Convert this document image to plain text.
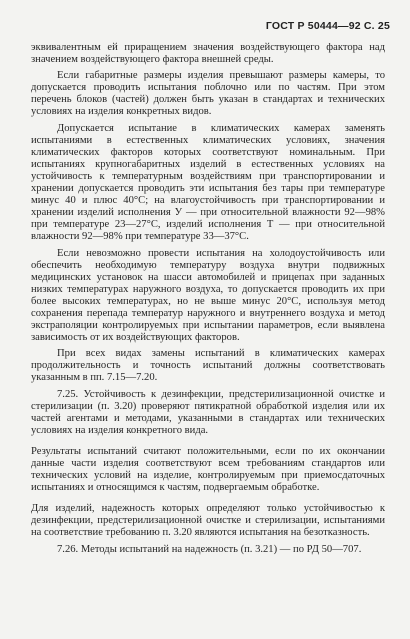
ГОСТ Р 50444—92 С. 25

эквивалентным ей приращением значения воздействующего фактора над значением воздействующего фактора внешней среды.

Если габаритные размеры изделия превышают размеры камеры, то допускается проводить испытания поблочно или по частям. При этом перечень блоков (частей) должен быть указан в стандартах и технических условиях на изделия конкретных видов.

Допускается испытание в климатических камерах заменять испытаниями в естественных климатических условиях, значения климатических факторов которых соответствуют номинальным. При испытаниях крупногабаритных изделий в естественных условиях на устойчивость к температурным воздействиям при транспортировании и хранении допускается проводить эти испытания без тары при температуре минус 40 и плюс 40°С; на влагоустойчивость при транспортировании и хранении изделий исполнения У — при относительной влажности 92—98% при температуре 23—27°С, изделий исполнения Т — при относительной влажности 92—98% при температуре 33—37°С.

Если невозможно провести испытания на холодоустойчивость или обеспечить необходимую температуру воздуха внутри подвижных медицинских установок на шасси автомобилей и прицепах при заданных низких температурах наружного воздуха, то допускается проводить их при более высоких температурах, но не выше минус 20°С, используя метод сохранения перепада температур наружного и внутреннего воздуха и метод экстраполяции контролируемых при испытании параметров, если выявлена зависимость от их воздействующих факторов.

При всех видах замены испытаний в климатических камерах продолжительность и точность испытаний должны соответствовать указанным в пп. 7.15—7.20.

7.25. Устойчивость к дезинфекции, предстерилизационной очистке и стерилизации (п. 3.20) проверяют пятикратной обработкой изделия или их частей агентами и методами, указанными в стандартах или технических условиях на изделия конкретного вида.

Результаты испытаний считают положительными, если по их окончании данные части изделия соответствуют всем требованиям стандартов или технических условий на изделие, контролируемым при приемосдаточных испытаниях и относящимся к частям, подвергаемым обработке.

Для изделий, надежность которых определяют только устойчивостью к дезинфекции, предстерилизационной очистке и стерилизации, испытаниями на соответствие требованию п. 3.20 являются испытания на безотказность.

7.26. Методы испытаний на надежность (п. 3.21) — по РД 50—707.
